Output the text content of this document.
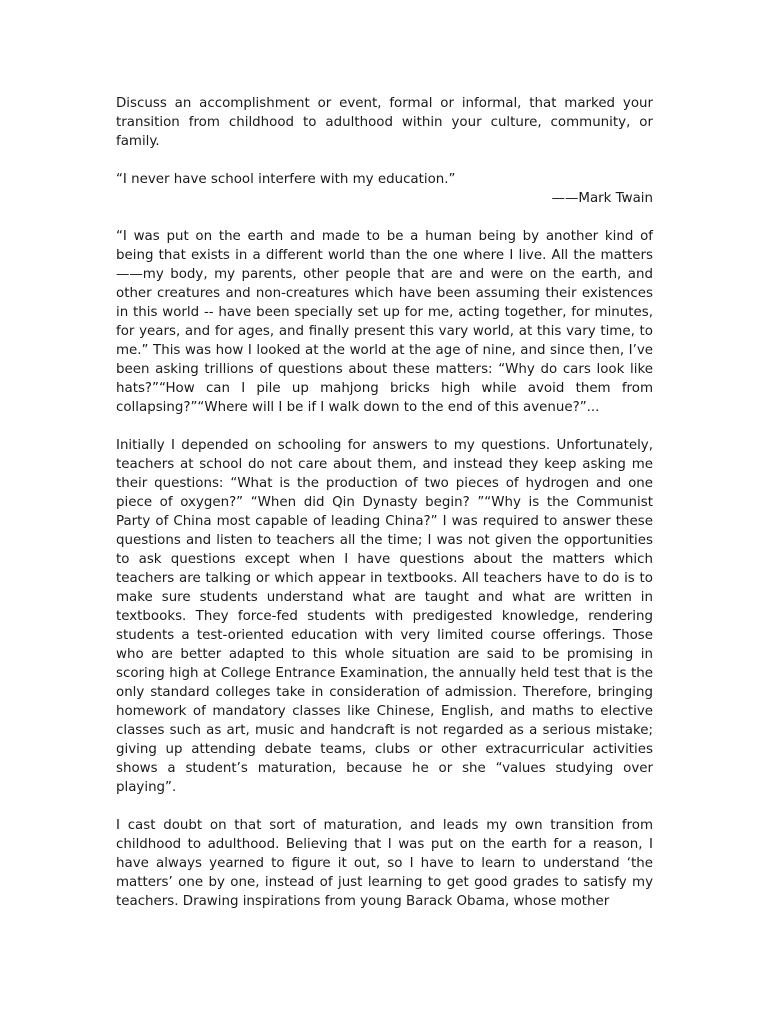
Discuss an accomplishment or event, formal or informal, that marked your transition from childhood to adulthood within your culture, community, or family.

“I never have school interfere with my education.”

——Mark Twain

“I was put on the earth and made to be a human being by another kind of being that exists in a different world than the one where I live. All the matters ——my body, my parents, other people that are and were on the earth, and other creatures and non-creatures which have been assuming their existences in this world -- have been specially set up for me, acting together, for minutes, for years, and for ages, and finally present this vary world, at this vary time, to me.” This was how I looked at the world at the age of nine, and since then, I’ve been asking trillions of questions about these matters: “Why do cars look like hats?”“How can I pile up mahjong bricks high while avoid them from collapsing?”“Where will I be if I walk down to the end of this avenue?”...

Initially I depended on schooling for answers to my questions. Unfortunately, teachers at school do not care about them, and instead they keep asking me their questions: “What is the production of two pieces of hydrogen and one piece of oxygen?” “When did Qin Dynasty begin? ”“Why is the Communist Party of China most capable of leading China?” I was required to answer these questions and listen to teachers all the time; I was not given the opportunities to ask questions except when I have questions about the matters which teachers are talking or which appear in textbooks. All teachers have to do is to make sure students understand what are taught and what are written in textbooks. They force-fed students with predigested knowledge, rendering students a test-oriented education with very limited course offerings. Those who are better adapted to this whole situation are said to be promising in scoring high at College Entrance Examination, the annually held test that is the only standard colleges take in consideration of admission. Therefore, bringing homework of mandatory classes like Chinese, English, and maths to elective classes such as art, music and handcraft is not regarded as a serious mistake; giving up attending debate teams, clubs or other extracurricular activities shows a student’s maturation, because he or she “values studying over playing”.

I cast doubt on that sort of maturation, and leads my own transition from childhood to adulthood. Believing that I was put on the earth for a reason, I have always yearned to figure it out, so I have to learn to understand ‘the matters’ one by one, instead of just learning to get good grades to satisfy my teachers. Drawing inspirations from young Barack Obama, whose mother
